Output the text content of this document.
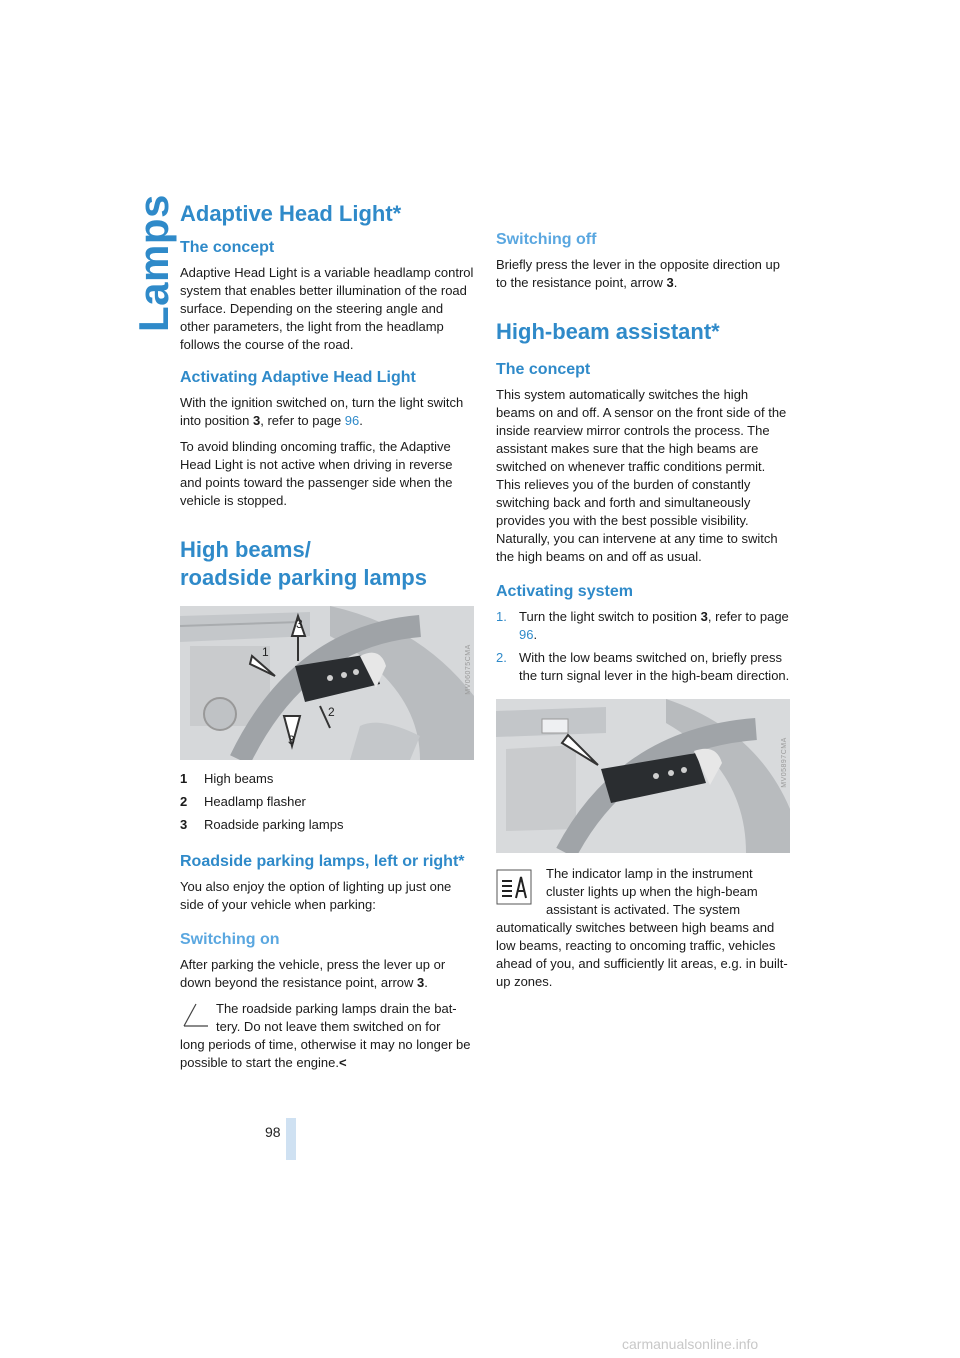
Lamps Adaptive Head Light*
The concept

Adaptive Head Light is a variable headlamp control system that enables better illumination of the road surface. Depending on the steering angle and other parameters, the light from the headlamp follows the course of the road.

Activating Adaptive Head Light

With the ignition switched on, turn the light switch into position 3, refer to page 96.

To avoid blinding oncoming traffic, the Adaptive Head Light is not active when driving in reverse and points toward the passenger side when the vehicle is stopped.

High beams/
roadside parking lamps
3
1
2
3
MV06075CMA
1	High beams
2	Headlamp flasher
3	Roadside parking lamps
Roadside parking lamps, left or right*

You also enjoy the option of lighting up just one side of your vehicle when parking:

Switching on

After parking the vehicle, press the lever up or down beyond the resistance point, arrow 3.

The roadside parking lamps drain the bat-
tery. Do not leave them switched on for
long periods of time, otherwise it may no longer be possible to start the engine.<
Switching off

Briefly press the lever in the opposite direction up to the resistance point, arrow 3.

High-beam assistant*
The concept

This system automatically switches the high beams on and off. A sensor on the front side of the inside rearview mirror controls the process. The assistant makes sure that the high beams are switched on whenever traffic conditions permit. This relieves you of the burden of constantly switching back and forth and simultaneously provides you with the best possible visibility. Naturally, you can intervene at any time to switch the high beams on and off as usual.

Activating system
1. Turn the light switch to position 3, refer to page 96.
2. With the low beams switched on, briefly press the turn signal lever in the high-beam direction.
MV05897CMA
The indicator lamp in the instrument
cluster lights up when the high-beam
assistant is activated. The system
automatically switches between high beams and low beams, reacting to oncoming traffic, vehicles ahead of you, and sufficiently lit areas, e.g. in built-up zones.
98
carmanualsonline.info
